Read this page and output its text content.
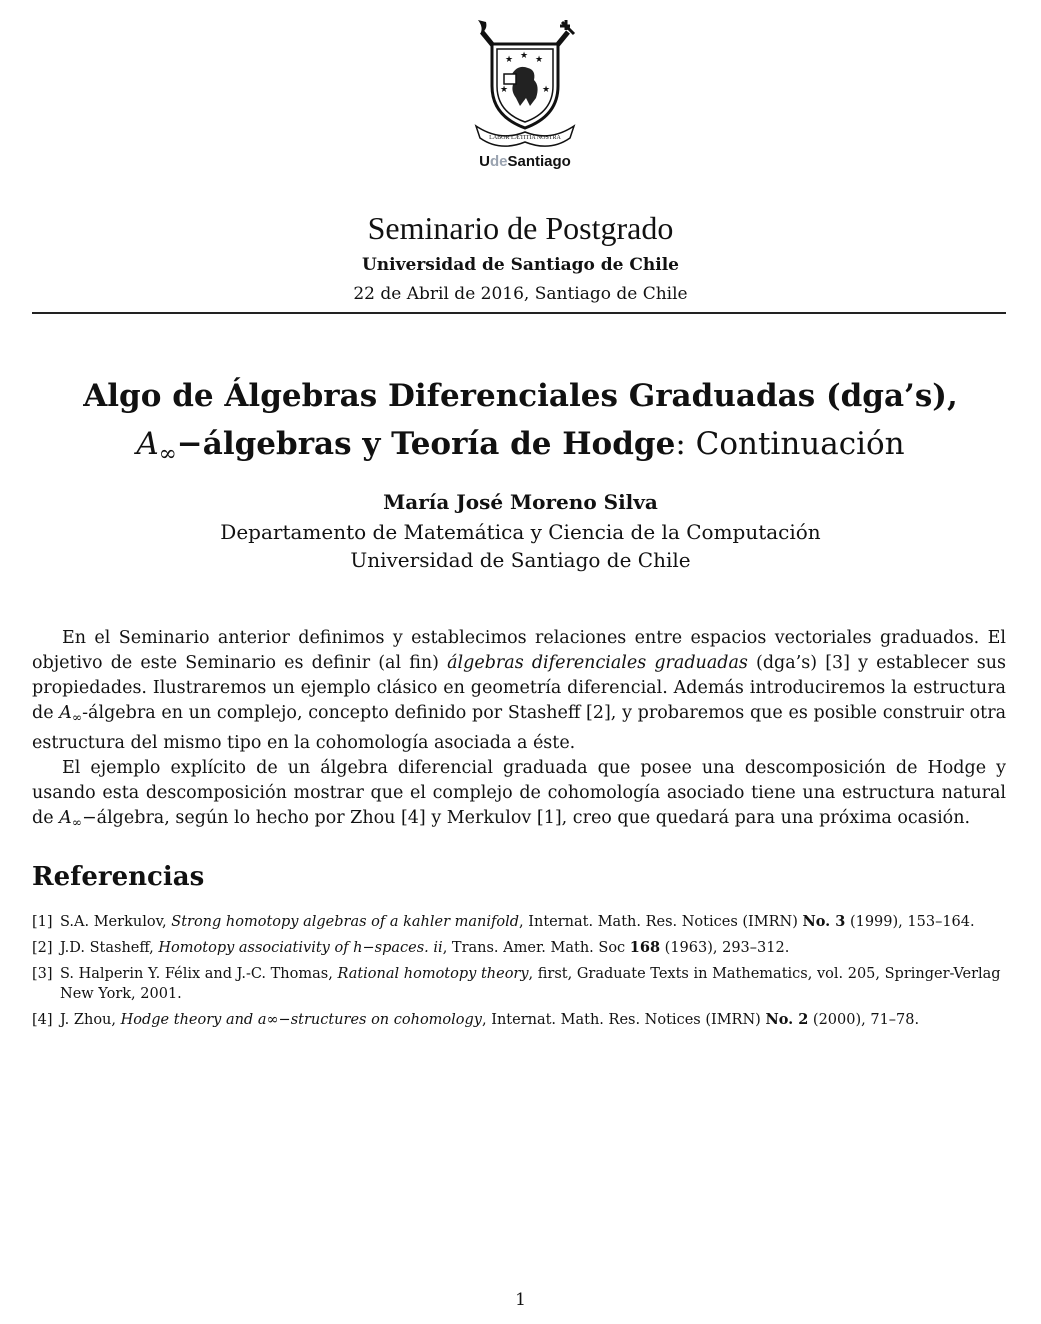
★ ★ ★
★	★
LABOR LÆTITIA NOSTRA
UdeSantiago
Seminario de Postgrado
Universidad de Santiago de Chile
22 de Abril de 2016, Santiago de Chile
Algo de Álgebras Diferenciales Graduadas (dga’s),
$A_\infty-álgebras$ y Teoría de Hodge: Continuación
María José Moreno Silva
Departamento de Matemática y Ciencia de la Computación
Universidad de Santiago de Chile

En el Seminario anterior definimos y establecimos relaciones entre espacios vectoriales graduados. El objetivo de este Seminario es definir (al fin) álgebras diferenciales graduadas (dga’s) [3] y establecer sus propiedades. Ilustraremos un ejemplo clásico en geometría diferencial. Además introduciremos la estructura de $A_\infty$-álgebra en un complejo, concepto definido por Stasheff [2], y probaremos que es posible construir otra estructura del mismo tipo en la cohomología asociada a éste.

El ejemplo explícito de un álgebra diferencial graduada que posee una descomposición de Hodge y usando esta descomposición mostrar que el complejo de cohomología asociado tiene una estructura natural de $A_\infty-álgebra$, según lo hecho por Zhou [4] y Merkulov [1], creo que quedará para una próxima ocasión.

Referencias
[1] S.A. Merkulov, Strong homotopy algebras of a kahler manifold, Internat. Math. Res. Notices (IMRN) No. 3 (1999), 153–164.
[2] J.D. Stasheff, Homotopy associativity of h−spaces. ii, Trans. Amer. Math. Soc 168 (1963), 293–312.
[3] S. Halperin Y. Félix and J.-C. Thomas, Rational homotopy theory, first, Graduate Texts in Mathematics, vol. 205, Springer-Verlag New York, 2001.
[4] J. Zhou, Hodge theory and a∞−structures on cohomology, Internat. Math. Res. Notices (IMRN) No. 2 (2000), 71–78.
1
